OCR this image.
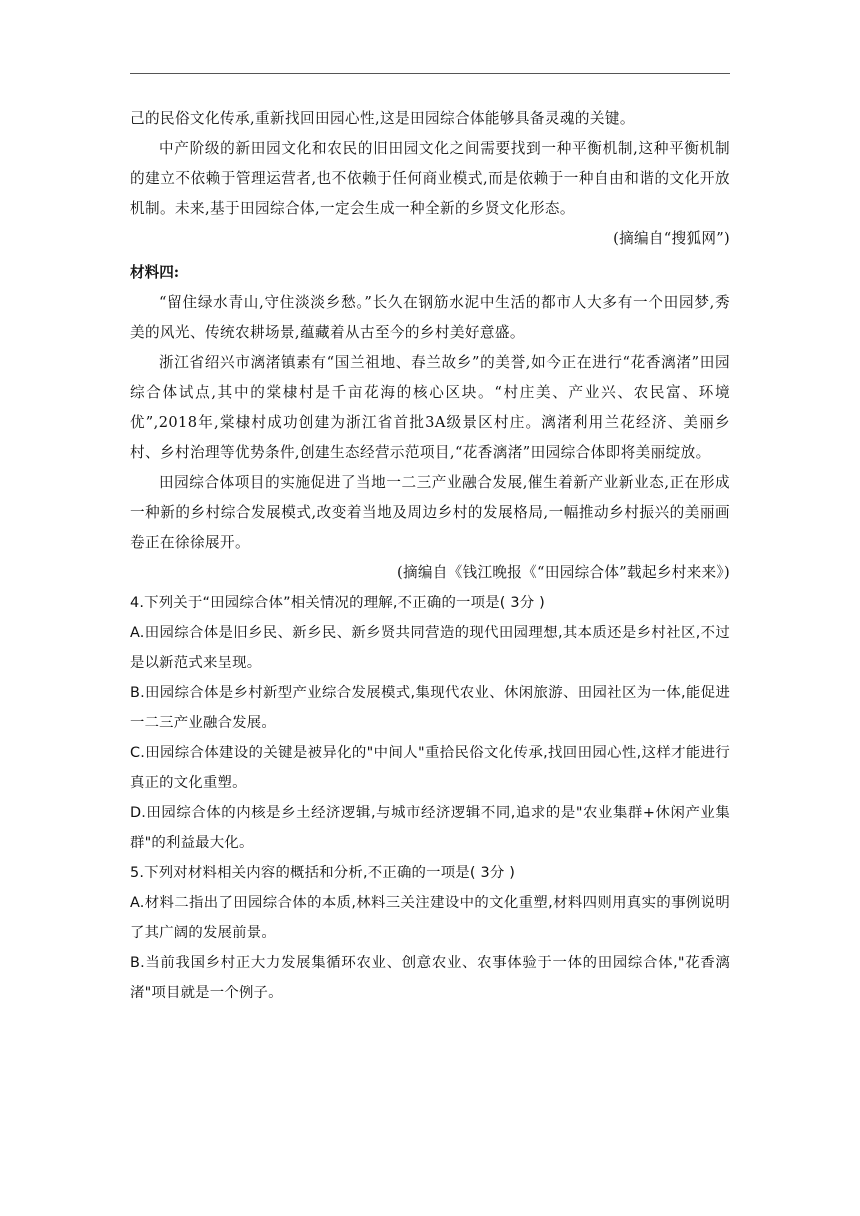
己的民俗文化传承,重新找回田园心性,这是田园综合体能够具备灵魂的关键。

中产阶级的新田园文化和农民的旧田园文化之间需要找到一种平衡机制,这种平衡机制的建立不依赖于管理运营者,也不依赖于任何商业模式,而是依赖于一种自由和谐的文化开放机制。未来,基于田园综合体,一定会生成一种全新的乡贤文化形态。

(摘编自“搜狐网”)

材料四:

“留住绿水青山,守住淡淡乡愁。”长久在钢筋水泥中生活的都市人大多有一个田园梦,秀美的风光、传统农耕场景,蕴藏着从古至今的乡村美好意盛。

浙江省绍兴市漓渚镇素有“国兰祖地、春兰故乡”的美誉,如今正在进行“花香漓渚”田园综合体试点,其中的棠棣村是千亩花海的核心区块。“村庄美、产业兴、农民富、环境优”,2018年,棠棣村成功创建为浙江省首批3A级景区村庄。漓渚利用兰花经济、美丽乡村、乡村治理等优势条件,创建生态经营示范项目,“花香漓渚”田园综合体即将美丽绽放。

田园综合体项目的实施促进了当地一二三产业融合发展,催生着新产业新业态,正在形成一种新的乡村综合发展模式,改变着当地及周边乡村的发展格局,一幅推动乡村振兴的美丽画卷正在徐徐展开。

(摘编自《钱江晚报《“田园综合体”载起乡村来来》)

4.下列关于“田园综合体”相关情况的理解,不正确的一项是( 3分 )

A.田园综合体是旧乡民、新乡民、新乡贤共同营造的现代田园理想,其本质还是乡村社区,不过是以新范式来呈现。

B.田园综合体是乡村新型产业综合发展模式,集现代农业、休闲旅游、田园社区为一体,能促进一二三产业融合发展。

C.田园综合体建设的关键是被异化的"中间人"重拾民俗文化传承,找回田园心性,这样才能进行真正的文化重塑。

D.田园综合体的内核是乡土经济逻辑,与城市经济逻辑不同,追求的是"农业集群+休闲产业集群"的利益最大化。

5.下列对材料相关内容的概括和分析,不正确的一项是( 3分 )

A.材料二指出了田园综合体的本质,林料三关注建设中的文化重塑,材料四则用真实的事例说明了其广阔的发展前景。

B.当前我国乡村正大力发展集循环农业、创意农业、农事体验于一体的田园综合体,"花香漓渚"项目就是一个例子。
